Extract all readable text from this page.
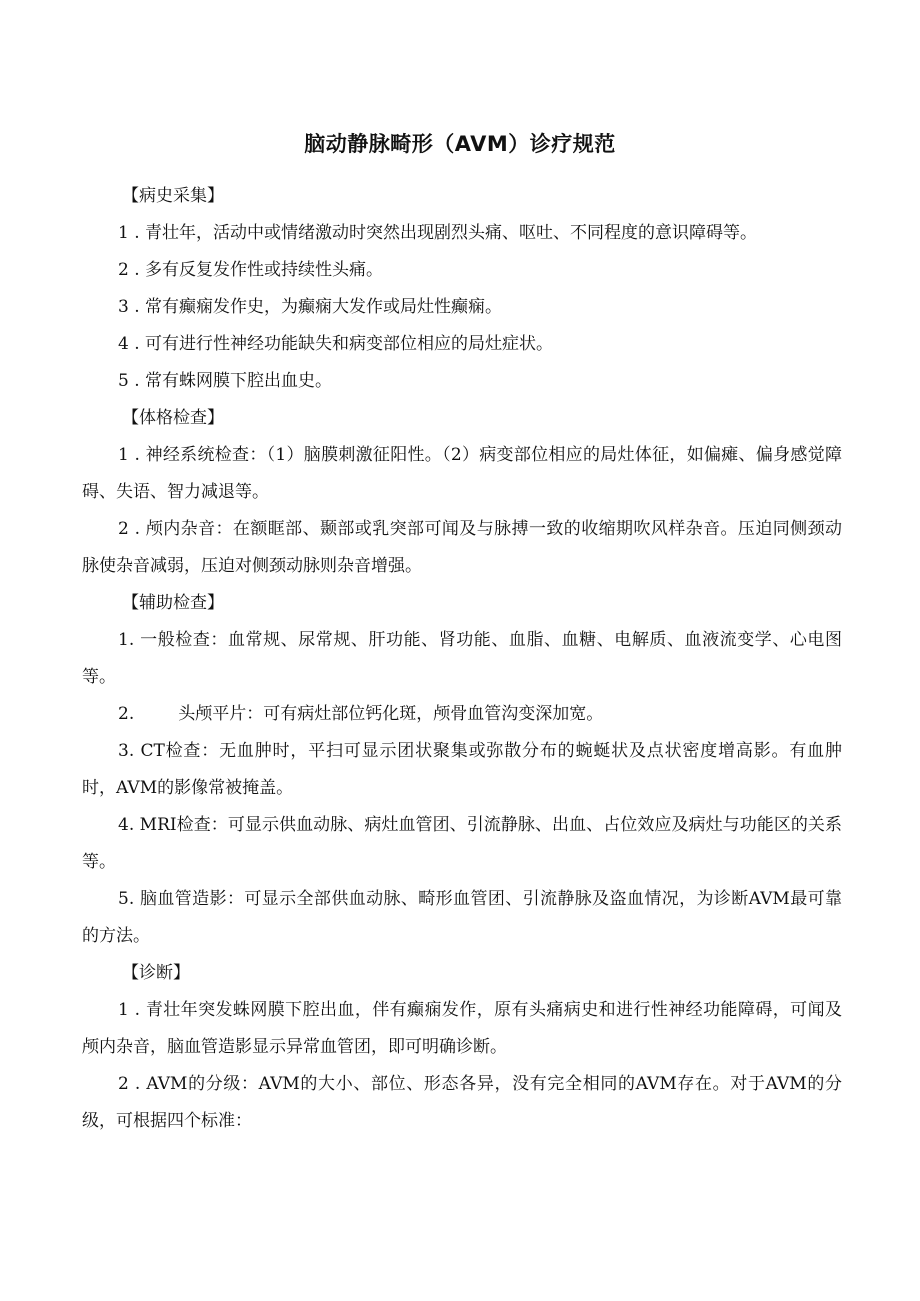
脑动静脉畸形（AVM）诊疗规范

【病史采集】

1 . 青壮年，活动中或情绪激动时突然出现剧烈头痛、呕吐、不同程度的意识障碍等。

2 . 多有反复发作性或持续性头痛。

3 . 常有癫痫发作史，为癫痫大发作或局灶性癫痫。

4 . 可有进行性神经功能缺失和病变部位相应的局灶症状。

5 . 常有蛛网膜下腔出血史。

【体格检查】

1 . 神经系统检查：（1）脑膜刺激征阳性。（2）病变部位相应的局灶体征，如偏瘫、偏身感觉障碍、失语、智力减退等。

2 . 颅内杂音：在额眶部、颞部或乳突部可闻及与脉搏一致的收缩期吹风样杂音。压迫同侧颈动脉使杂音减弱，压迫对侧颈动脉则杂音增强。

【辅助检查】

1. 一般检查：血常规、尿常规、肝功能、肾功能、血脂、血糖、电解质、血液流变学、心电图等。

2.	头颅平片：可有病灶部位钙化斑，颅骨血管沟变深加宽。

3. CT检查：无血肿时，平扫可显示团状聚集或弥散分布的蜿蜒状及点状密度增高影。有血肿时，AVM的影像常被掩盖。

4. MRI检查：可显示供血动脉、病灶血管团、引流静脉、出血、占位效应及病灶与功能区的关系等。

5. 脑血管造影：可显示全部供血动脉、畸形血管团、引流静脉及盗血情况，为诊断AVM最可靠的方法。

【诊断】

1 . 青壮年突发蛛网膜下腔出血，伴有癫痫发作，原有头痛病史和进行性神经功能障碍，可闻及颅内杂音，脑血管造影显示异常血管团，即可明确诊断。

2 . AVM的分级：AVM的大小、部位、形态各异，没有完全相同的AVM存在。对于AVM的分级，可根据四个标准：
